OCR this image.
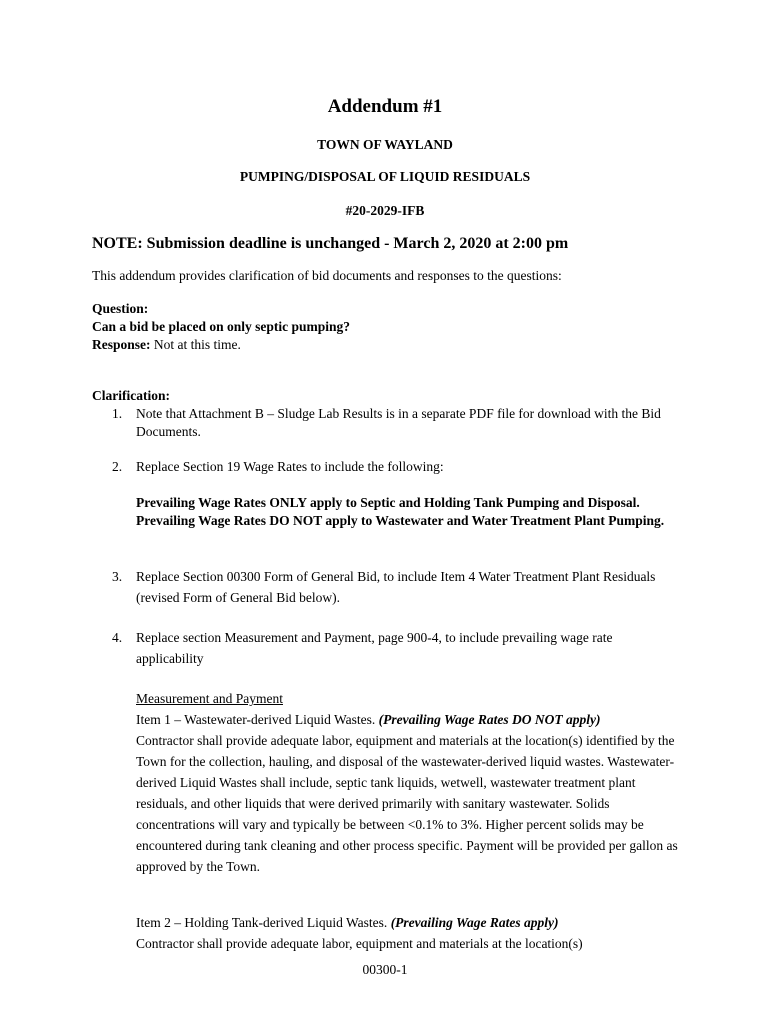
Addendum #1
TOWN OF WAYLAND
PUMPING/DISPOSAL OF LIQUID RESIDUALS
#20-2029-IFB
NOTE: Submission deadline is unchanged - March 2, 2020 at 2:00 pm
This addendum provides clarification of bid documents and responses to the questions:
Question:
Can a bid be placed on only septic pumping?
Response: Not at this time.
Clarification:
1. Note that Attachment B – Sludge Lab Results is in a separate PDF file for download with the Bid Documents.
2. Replace Section 19 Wage Rates to include the following:
Prevailing Wage Rates ONLY apply to Septic and Holding Tank Pumping and Disposal. Prevailing Wage Rates DO NOT apply to Wastewater and Water Treatment Plant Pumping.
3. Replace Section 00300 Form of General Bid, to include Item 4 Water Treatment Plant Residuals (revised Form of General Bid below).
4. Replace section Measurement and Payment, page 900-4, to include prevailing wage rate applicability
Measurement and Payment
Item 1 – Wastewater-derived Liquid Wastes. (Prevailing Wage Rates DO NOT apply)
Contractor shall provide adequate labor, equipment and materials at the location(s) identified by the Town for the collection, hauling, and disposal of the wastewater-derived liquid wastes. Wastewater-derived Liquid Wastes shall include, septic tank liquids, wetwell, wastewater treatment plant residuals, and other liquids that were derived primarily with sanitary wastewater. Solids concentrations will vary and typically be between <0.1% to 3%. Higher percent solids may be encountered during tank cleaning and other process specific. Payment will be provided per gallon as approved by the Town.
Item 2 – Holding Tank-derived Liquid Wastes. (Prevailing Wage Rates apply)
Contractor shall provide adequate labor, equipment and materials at the location(s)
00300-1
